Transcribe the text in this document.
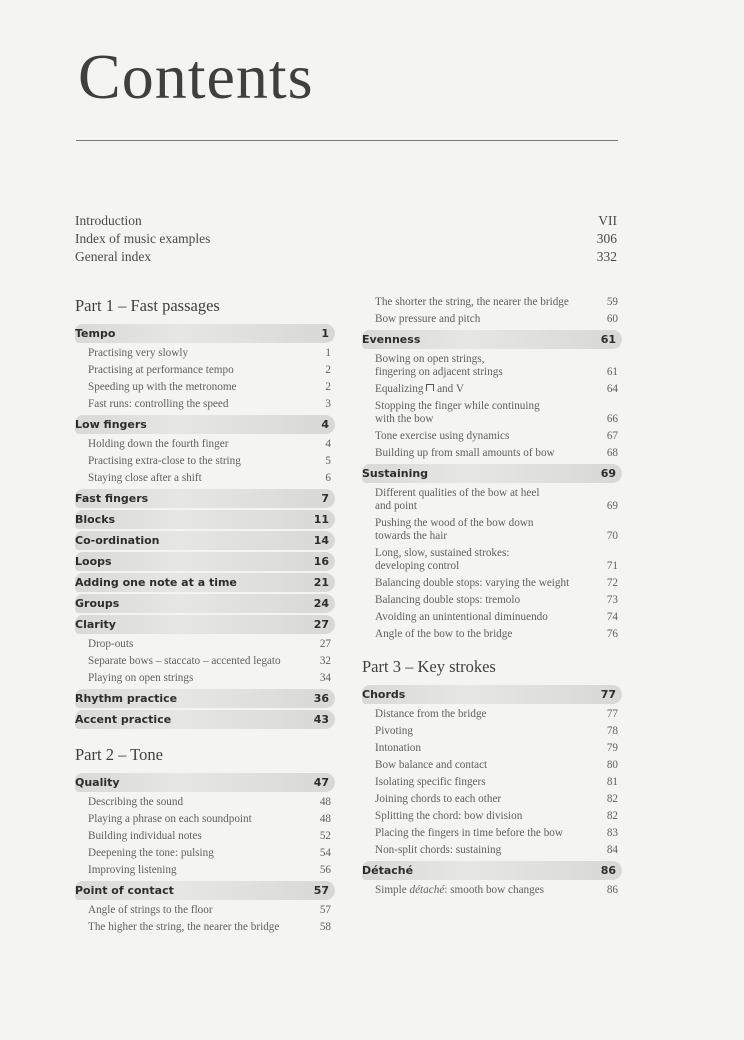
Contents
Introduction	VII
Index of music examples	306
General index	332
Part 1 – Fast passages
Tempo	1
Practising very slowly	1
Practising at performance tempo	2
Speeding up with the metronome	2
Fast runs: controlling the speed	3
Low fingers	4
Holding down the fourth finger	4
Practising extra-close to the string	5
Staying close after a shift	6
Fast fingers	7
Blocks	11
Co-ordination	14
Loops	16
Adding one note at a time	21
Groups	24
Clarity	27
Drop-outs	27
Separate bows – staccato – accented legato	32
Playing on open strings	34
Rhythm practice	36
Accent practice	43
Part 2 – Tone
Quality	47
Describing the sound	48
Playing a phrase on each soundpoint	48
Building individual notes	52
Deepening the tone: pulsing	54
Improving listening	56
Point of contact	57
Angle of strings to the floor	57
The higher the string, the nearer the bridge	58
The shorter the string, the nearer the bridge	59
Bow pressure and pitch	60
Evenness	61
Bowing on open strings,
fingering on adjacent strings	61
Equalizing and V	64
Stopping the finger while continuing
with the bow	66
Tone exercise using dynamics	67
Building up from small amounts of bow	68
Sustaining	69
Different qualities of the bow at heel
and point	69
Pushing the wood of the bow down
towards the hair	70
Long, slow, sustained strokes:
developing control	71
Balancing double stops: varying the weight	72
Balancing double stops: tremolo	73
Avoiding an unintentional diminuendo	74
Angle of the bow to the bridge	76
Part 3 – Key strokes
Chords	77
Distance from the bridge	77
Pivoting	78
Intonation	79
Bow balance and contact	80
Isolating specific fingers	81
Joining chords to each other	82
Splitting the chord: bow division	82
Placing the fingers in time before the bow	83
Non-split chords: sustaining	84
Détaché	86
Simple détaché: smooth bow changes	86
